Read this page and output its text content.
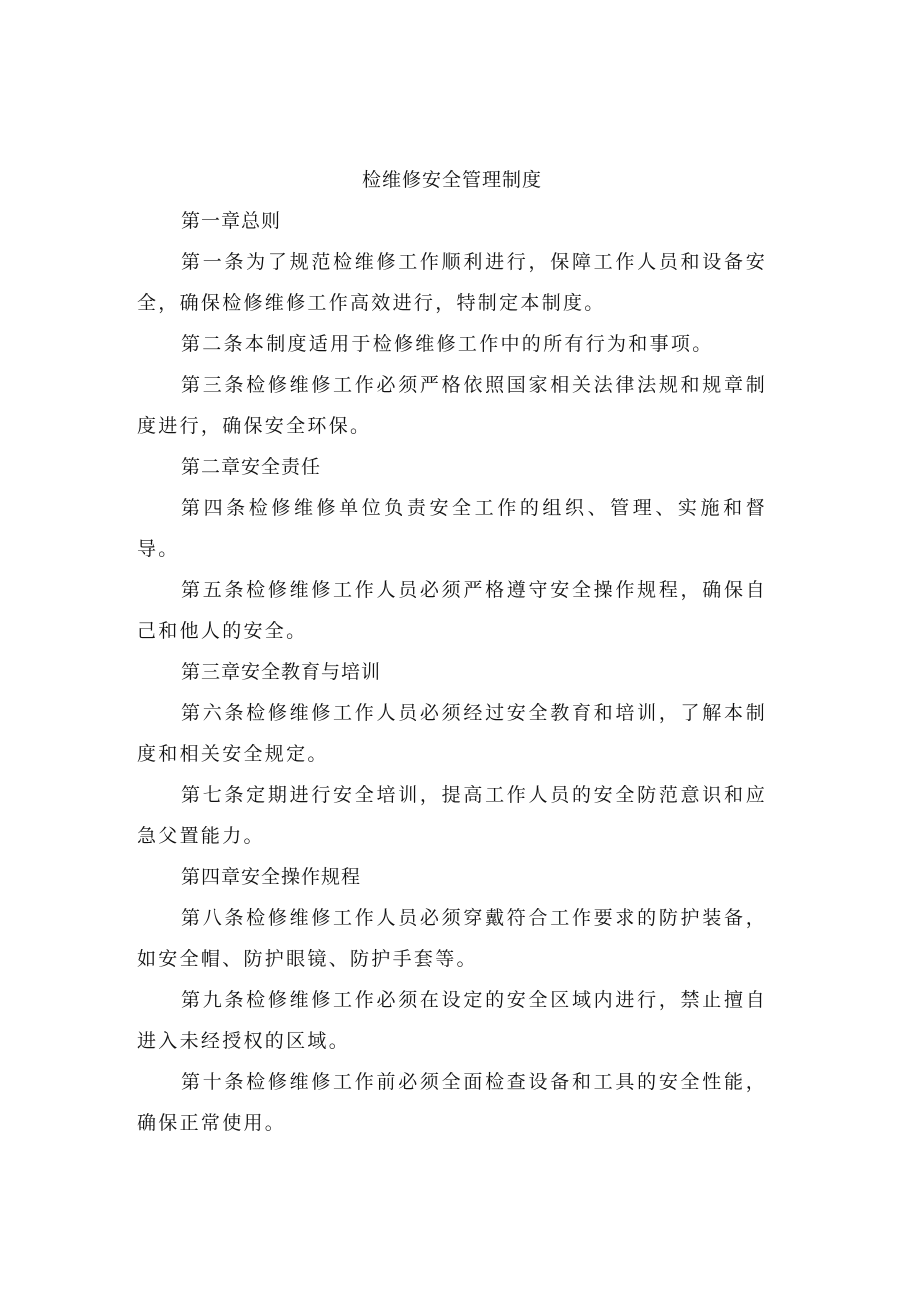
检维修安全管理制度

第一章总则

第一条为了规范检维修工作顺利进行，保障工作人员和设备安全，确保检修维修工作高效进行，特制定本制度。

第二条本制度适用于检修维修工作中的所有行为和事项。

第三条检修维修工作必须严格依照国家相关法律法规和规章制度进行，确保安全环保。

第二章安全责任

第四条检修维修单位负责安全工作的组织、管理、实施和督导。

第五条检修维修工作人员必须严格遵守安全操作规程，确保自己和他人的安全。

第三章安全教育与培训

第六条检修维修工作人员必须经过安全教育和培训，了解本制度和相关安全规定。

第七条定期进行安全培训，提高工作人员的安全防范意识和应急父置能力。

第四章安全操作规程

第八条检修维修工作人员必须穿戴符合工作要求的防护装备，如安全帽、防护眼镜、防护手套等。

第九条检修维修工作必须在设定的安全区域内进行，禁止擅自进入未经授权的区域。

第十条检修维修工作前必须全面检查设备和工具的安全性能，确保正常使用。
